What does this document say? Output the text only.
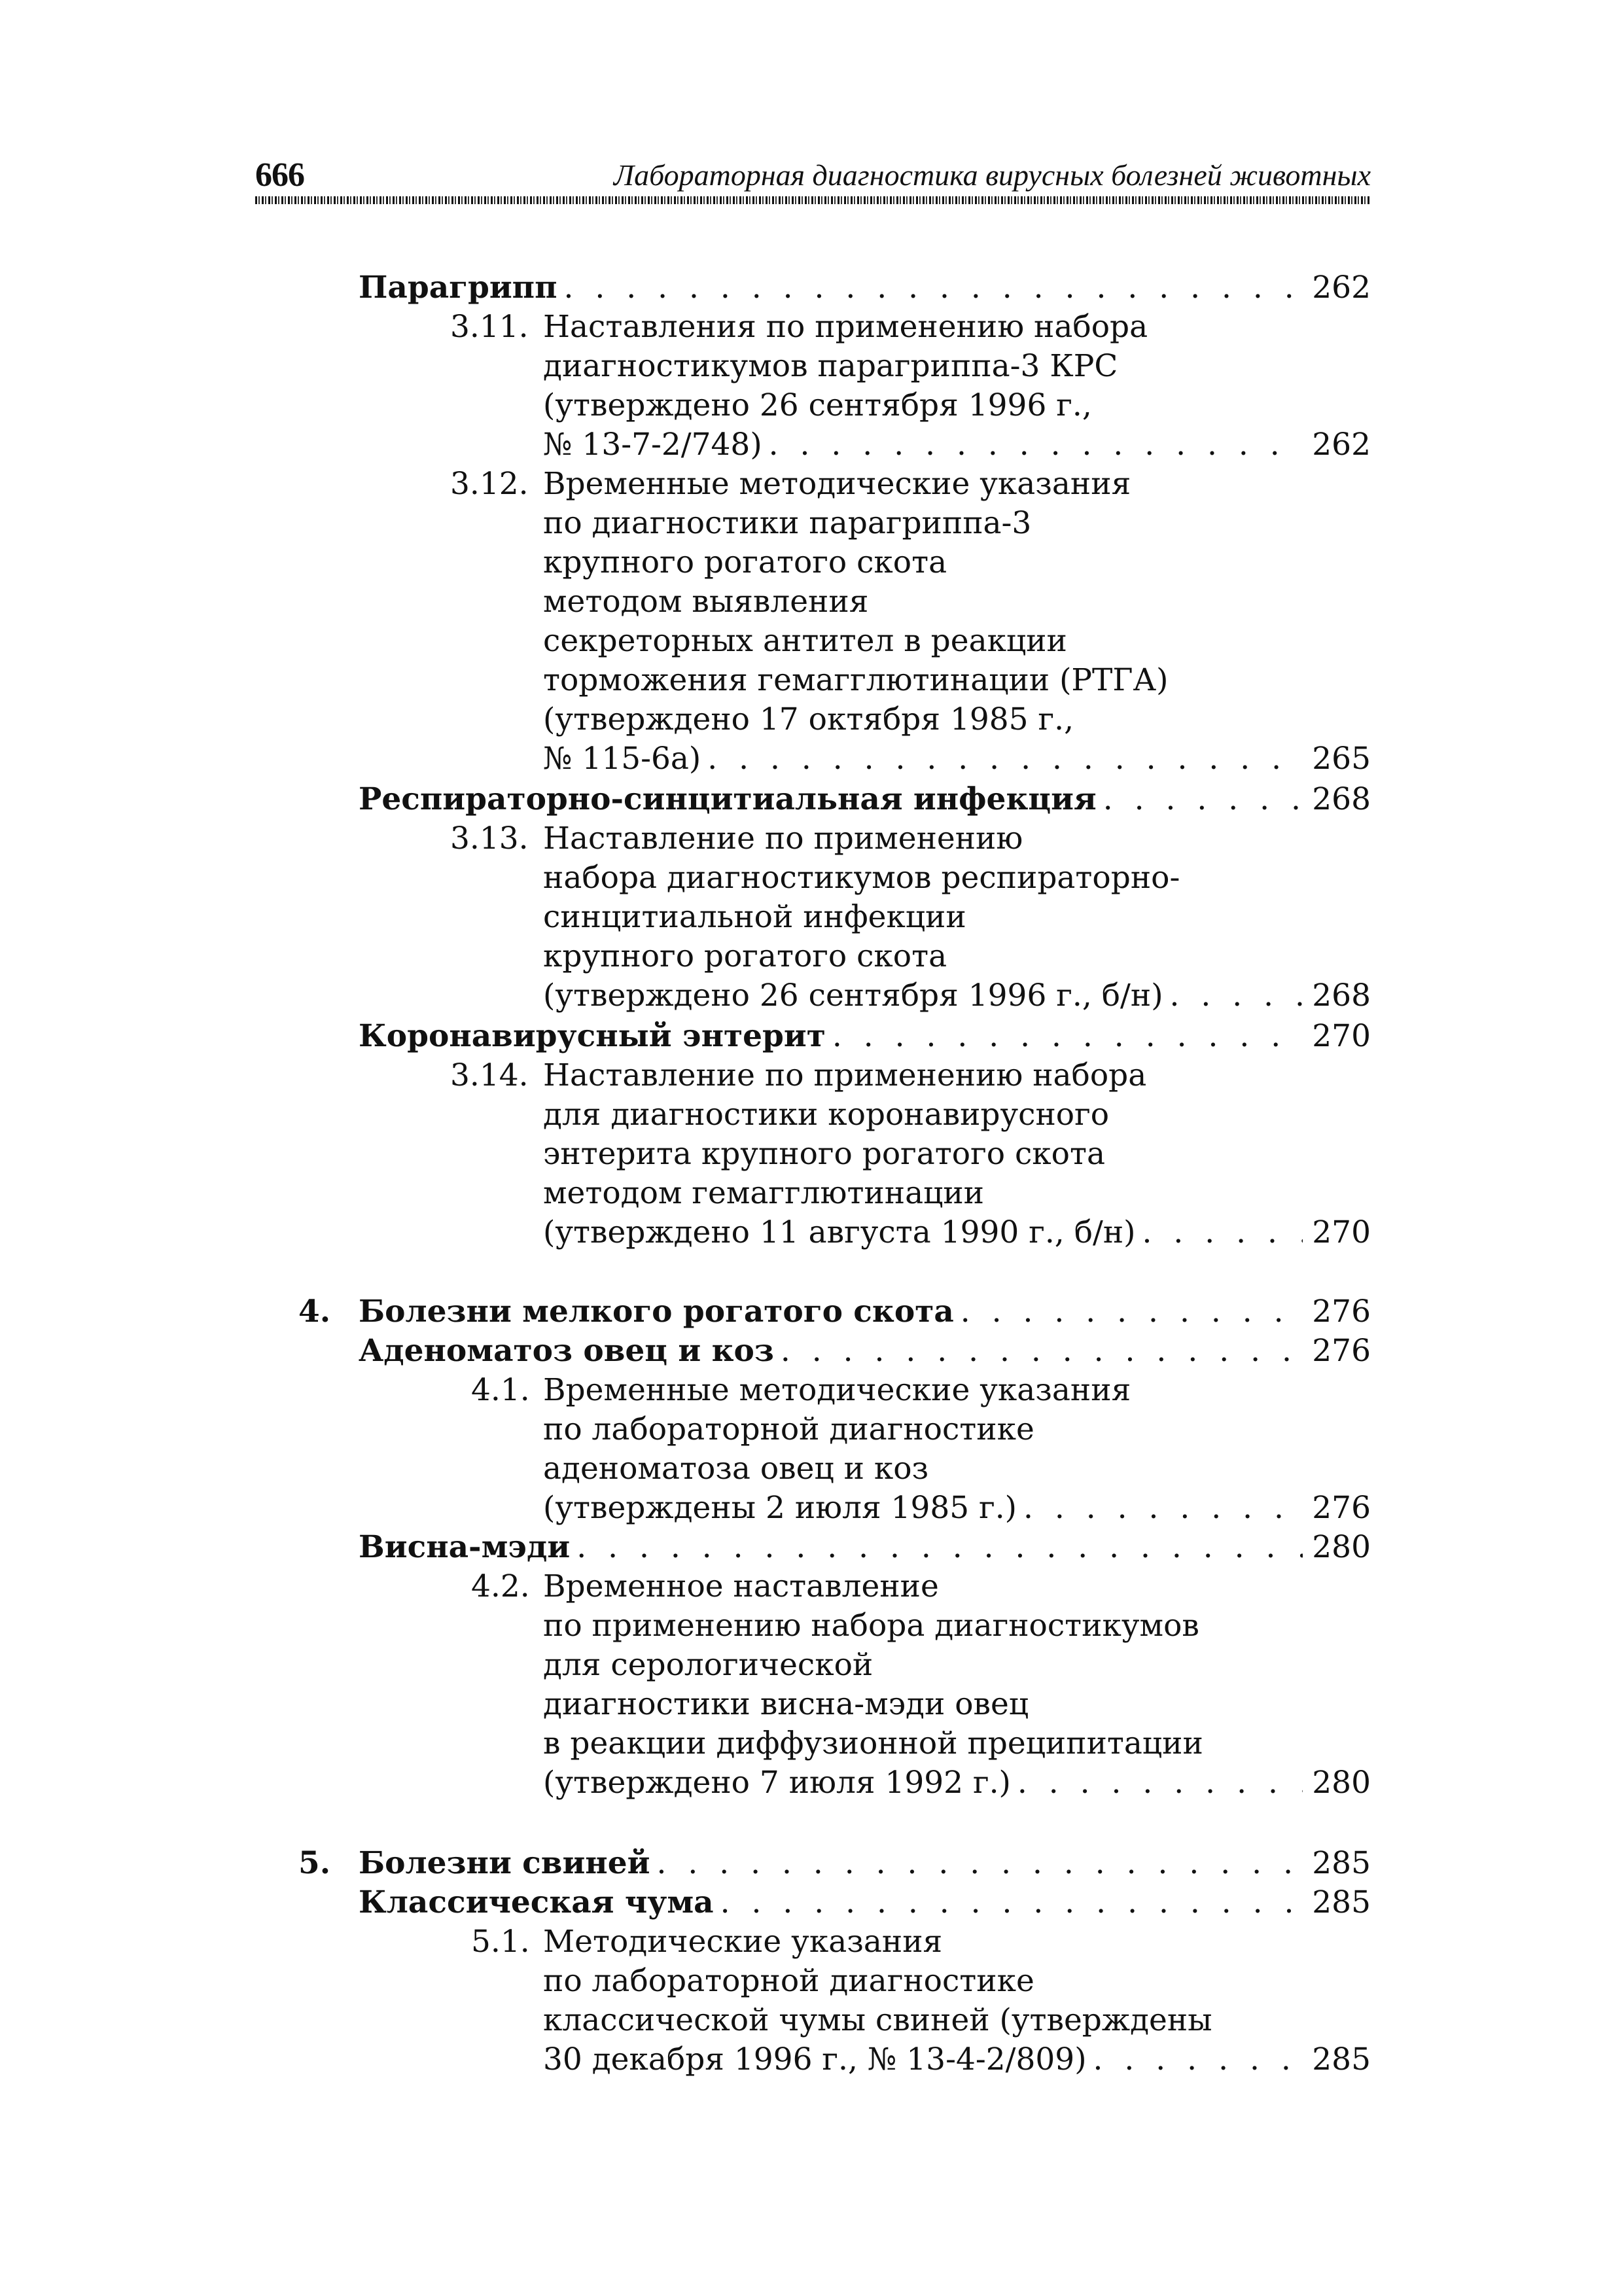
666	Лабораторная диагностика вирусных болезней животных
Парагрипп . . .	262
3.11. Наставления по применению набора
диагностикумов парагриппа-3 КРС
(утверждено 26 сентября 1996 г.,
№ 13-7-2/748) . . .	262
3.12. Временные методические указания
по диагностики парагриппа-3
крупного рогатого скота
методом выявления
секреторных антител в реакции
торможения гемагглютинации (РТГА)
(утверждено 17 октября 1985 г.,
№ 115-6а) . . .	265
Респираторно-синцитиальная инфекция . . .	268
3.13. Наставление по применению
набора диагностикумов респираторно-
синцитиальной инфекции
крупного рогатого скота
(утверждено 26 сентября 1996 г., б/н) . . .	268
Коронавирусный энтерит . . .	270
3.14. Наставление по применению набора
для диагностики коронавирусного
энтерита крупного рогатого скота
методом гемагглютинации
(утверждено 11 августа 1990 г., б/н) . . .	270
4. Болезни мелкого рогатого скота . . .	276
Аденоматоз овец и коз . . .	276
4.1. Временные методические указания
по лабораторной диагностике
аденоматоза овец и коз
(утверждены 2 июля 1985 г.) . . .	276
Висна-мэди . . .	280
4.2. Временное наставление
по применению набора диагностикумов
для серологической
диагностики висна-мэди овец
в реакции диффузионной преципитации
(утверждено 7 июля 1992 г.) . . .	280
5. Болезни свиней . . .	285
Классическая чума . . .	285
5.1. Методические указания
по лабораторной диагностике
классической чумы свиней (утверждены
30 декабря 1996 г., № 13-4-2/809) . . .	285
